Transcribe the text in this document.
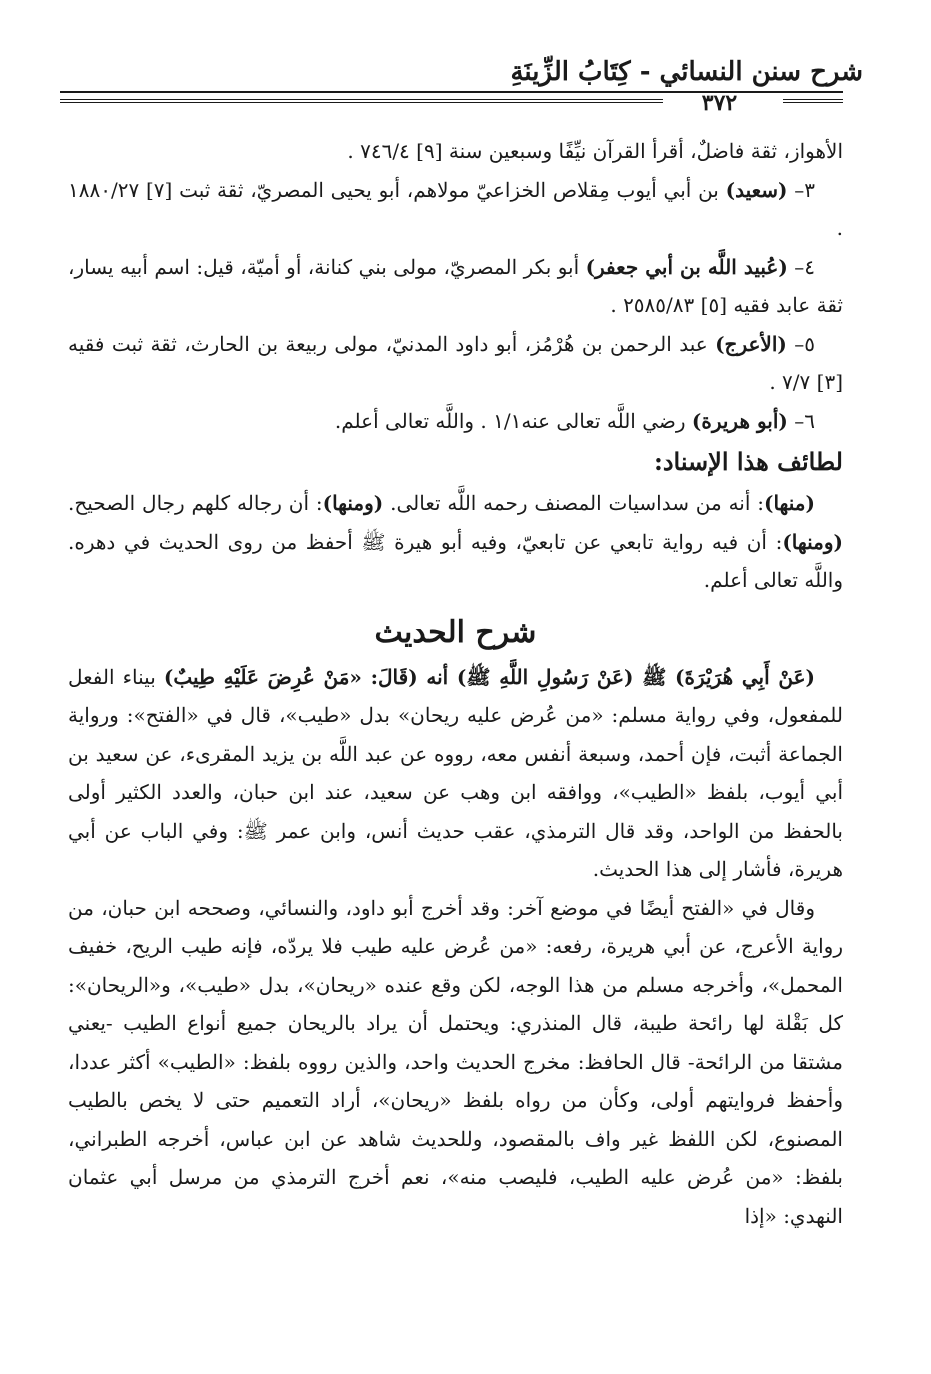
شرح سنن النسائي - كِتَابُ الزِّينَةِ
٣٧٢

الأهواز، ثقة فاضلٌ، أقرأ القرآن نيِّفًا وسبعين سنة [٩] ٧٤٦/٤ .

٣– (سعيد) بن أبي أيوب مِقلاص الخزاعيّ مولاهم، أبو يحيى المصريّ، ثقة ثبت [٧] ١٨٨٠/٢٧ .

٤– (عُبيد اللَّه بن أبي جعفر) أبو بكر المصريّ، مولى بني كنانة، أو أميّة، قيل: اسم أبيه يسار، ثقة عابد فقيه [٥] ٢٥٨٥/٨٣ .

٥– (الأعرج) عبد الرحمن بن هُرْمُز، أبو داود المدنيّ، مولى ربيعة بن الحارث، ثقة ثبت فقيه [٣] ٧/٧ .

٦– (أبو هريرة) رضي اللَّه تعالى عنه١/١ . واللَّه تعالى أعلم.

لطائف هذا الإسناد:

(منها): أنه من سداسيات المصنف رحمه اللَّه تعالى. (ومنها): أن رجاله كلهم رجال الصحيح. (ومنها): أن فيه رواية تابعي عن تابعيّ، وفيه أبو هيرة ﷺ أحفظ من روى الحديث في دهره. واللَّه تعالى أعلم.

شرح الحديث

(عَنْ أَبِي هُرَيْرَةَ) ﷺ (عَنْ رَسُولِ اللَّهِ ﷺ) أنه (قَالَ: «مَنْ عُرِضَ عَلَيْهِ طِيبٌ) بيناء الفعل للمفعول، وفي رواية مسلم: «من عُرض عليه ريحان» بدل «طيب»، قال في «الفتح»: ورواية الجماعة أثبت، فإن أحمد، وسبعة أنفس معه، رووه عن عبد اللَّه بن يزيد المقرىء، عن سعيد بن أبي أيوب، بلفظ «الطيب»، ووافقه ابن وهب عن سعيد، عند ابن حبان، والعدد الكثير أولى بالحفظ من الواحد، وقد قال الترمذي، عقب حديث أنس، وابن عمر ﷺ: وفي الباب عن أبي هريرة، فأشار إلى هذا الحديث.

وقال في «الفتح أيضًا في موضع آخر: وقد أخرج أبو داود، والنسائي، وصححه ابن حبان، من رواية الأعرج، عن أبي هريرة، رفعه: «من عُرض عليه طيب فلا يردّه، فإنه طيب الريح، خفيف المحمل»، وأخرجه مسلم من هذا الوجه، لكن وقع عنده «ريحان»، بدل «طيب»، و«الريحان»: كل بَقْلة لها رائحة طيبة، قال المنذري: ويحتمل أن يراد بالريحان جميع أنواع الطيب -يعني مشتقا من الرائحة- قال الحافظ: مخرج الحديث واحد، والذين رووه بلفظ: «الطيب» أكثر عددا، وأحفظ فروايتهم أولى، وكأن من رواه بلفظ «ريحان»، أراد التعميم حتى لا يخص بالطيب المصنوع، لكن اللفظ غير واف بالمقصود، وللحديث شاهد عن ابن عباس، أخرجه الطبراني، بلفظ: «من عُرض عليه الطيب، فليصب منه»، نعم أخرج الترمذي من مرسل أبي عثمان النهدي: «إذا
